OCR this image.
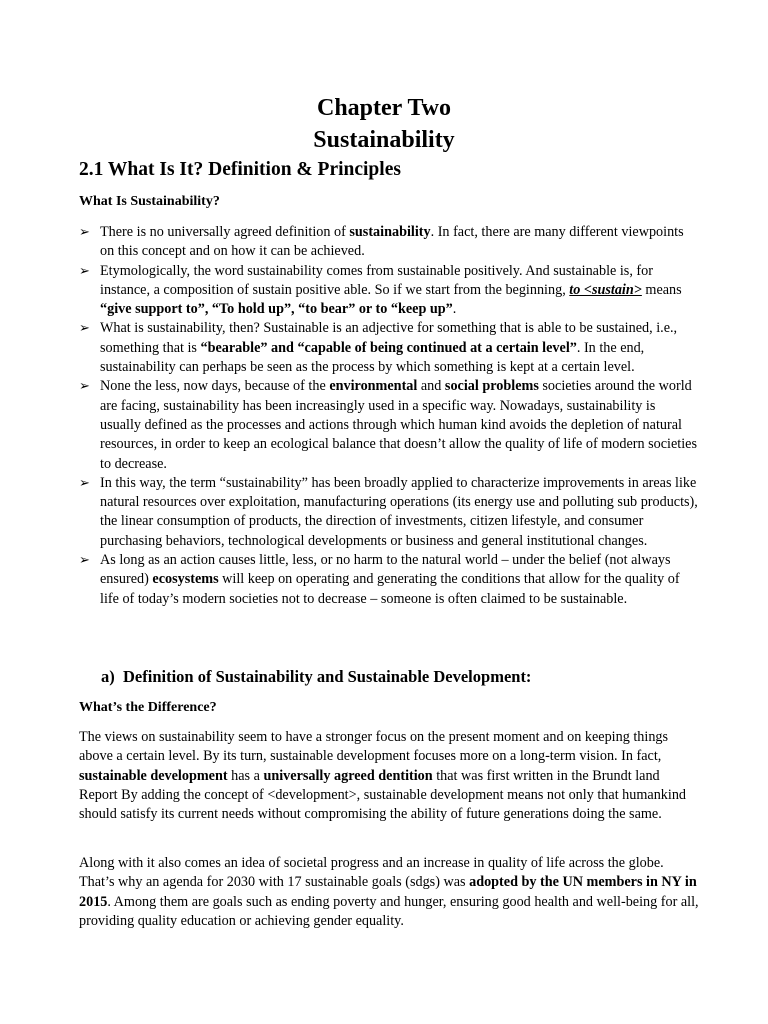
Chapter Two
Sustainability
2.1 What Is It? Definition & Principles
What Is Sustainability?
➢ There is no universally agreed definition of sustainability. In fact, there are many different viewpoints on this concept and on how it can be achieved.
➢ Etymologically, the word sustainability comes from sustainable positively. And sustainable is, for instance, a composition of sustain positive able. So if we start from the beginning, to <sustain> means “give support to”, “To hold up”, “to bear” or to “keep up”.
➢ What is sustainability, then? Sustainable is an adjective for something that is able to be sustained, i.e., something that is “bearable” and “capable of being continued at a certain level”. In the end, sustainability can perhaps be seen as the process by which something is kept at a certain level.
➢ None the less, now days, because of the environmental and social problems societies around the world are facing, sustainability has been increasingly used in a specific way. Nowadays, sustainability is usually defined as the processes and actions through which human kind avoids the depletion of natural resources, in order to keep an ecological balance that doesn’t allow the quality of life of modern societies to decrease.
➢ In this way, the term “sustainability” has been broadly applied to characterize improvements in areas like natural resources over exploitation, manufacturing operations (its energy use and polluting sub products), the linear consumption of products, the direction of investments, citizen lifestyle, and consumer purchasing behaviors, technological developments or business and general institutional changes.
➢ As long as an action causes little, less, or no harm to the natural world – under the belief (not always ensured) ecosystems will keep on operating and generating the conditions that allow for the quality of life of today’s modern societies not to decrease – someone is often claimed to be sustainable.
a) Definition of Sustainability and Sustainable Development:
What’s the Difference?

The views on sustainability seem to have a stronger focus on the present moment and on keeping things above a certain level. By its turn, sustainable development focuses more on a long-term vision. In fact, sustainable development has a universally agreed dentition that was first written in the Brundt land Report By adding the concept of <development>, sustainable development means not only that humankind should satisfy its current needs without compromising the ability of future generations doing the same.

Along with it also comes an idea of societal progress and an increase in quality of life across the globe. That’s why an agenda for 2030 with 17 sustainable goals (sdgs) was adopted by the UN members in NY in 2015. Among them are goals such as ending poverty and hunger, ensuring good health and well-being for all, providing quality education or achieving gender equality.
